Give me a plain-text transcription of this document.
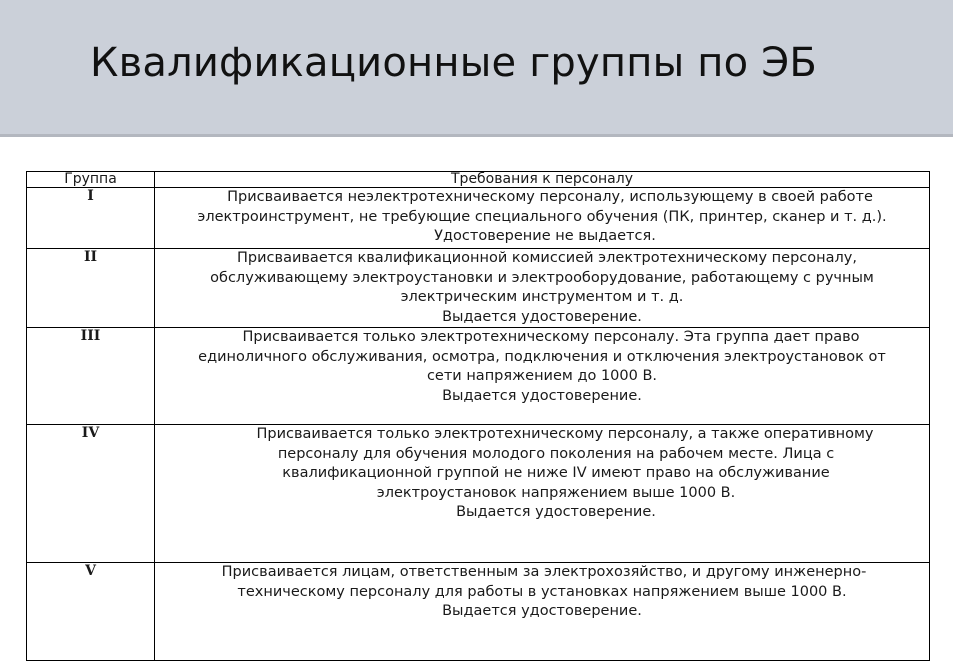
Квалификационные группы по ЭБ
Группа	Требования к персоналу
I	Присваивается неэлектротехническому персоналу, использующему в своей работе
электроинструмент, не требующие специального обучения (ПК, принтер, сканер и т. д.).
Удостоверение не выдается.

II	Присваивается квалификационной комиссией электротехническому персоналу,
обслуживающему электроустановки и электрооборудование, работающему с ручным
электрическим инструментом и т. д.
Выдается удостоверение.

III	Присваивается только электротехническому персоналу. Эта группа дает право
единоличного обслуживания, осмотра, подключения и отключения электроустановок от
сети напряжением до 1000 В.
Выдается удостоверение.

IV	Присваивается только электротехническому персоналу, а также оперативному
персоналу для обучения молодого поколения на рабочем месте. Лица с
квалификационной группой не ниже IV имеют право на обслуживание
электроустановок напряжением выше 1000 В.
Выдается удостоверение.

V	Присваивается лицам, ответственным за электрохозяйство, и другому инженерно-
техническому персоналу для работы в установках напряжением выше 1000 В.
Выдается удостоверение.
